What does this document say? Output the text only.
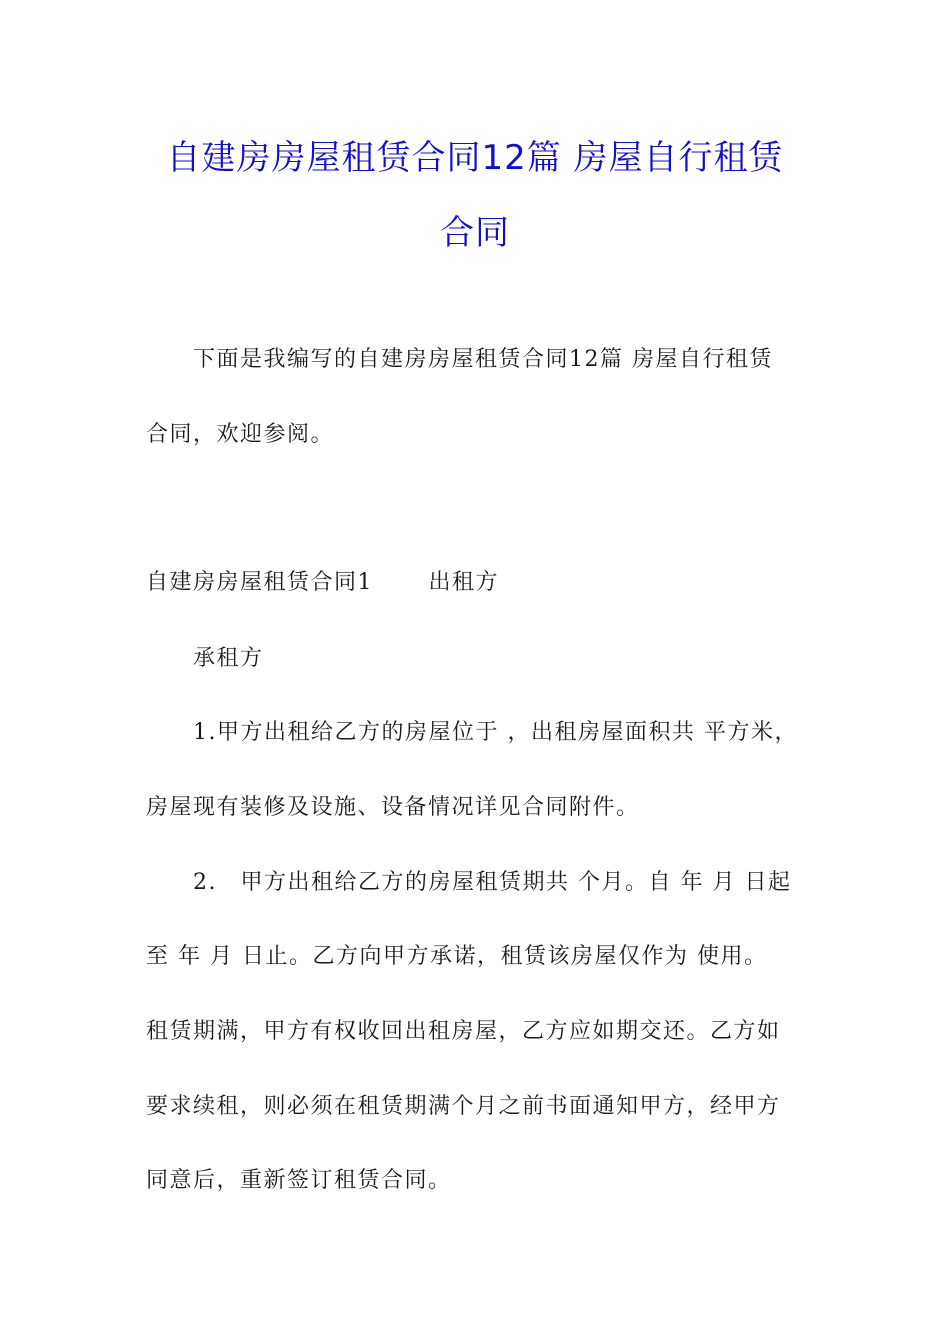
自建房房屋租赁合同12篇 房屋自行租赁
合同

下面是我编写的自建房房屋租赁合同12篇 房屋自行租赁

合同，欢迎参阅。

自建房房屋租赁合同1　　 出租方

承租方

1.甲方出租给乙方的房屋位于 ，出租房屋面积共 平方米，

房屋现有装修及设施、设备情况详见合同附件。

2.　甲方出租给乙方的房屋租赁期共 个月。自 年 月 日起

至 年 月 日止。乙方向甲方承诺，租赁该房屋仅作为 使用。

租赁期满，甲方有权收回出租房屋，乙方应如期交还。乙方如

要求续租，则必须在租赁期满个月之前书面通知甲方，经甲方

同意后，重新签订租赁合同。
